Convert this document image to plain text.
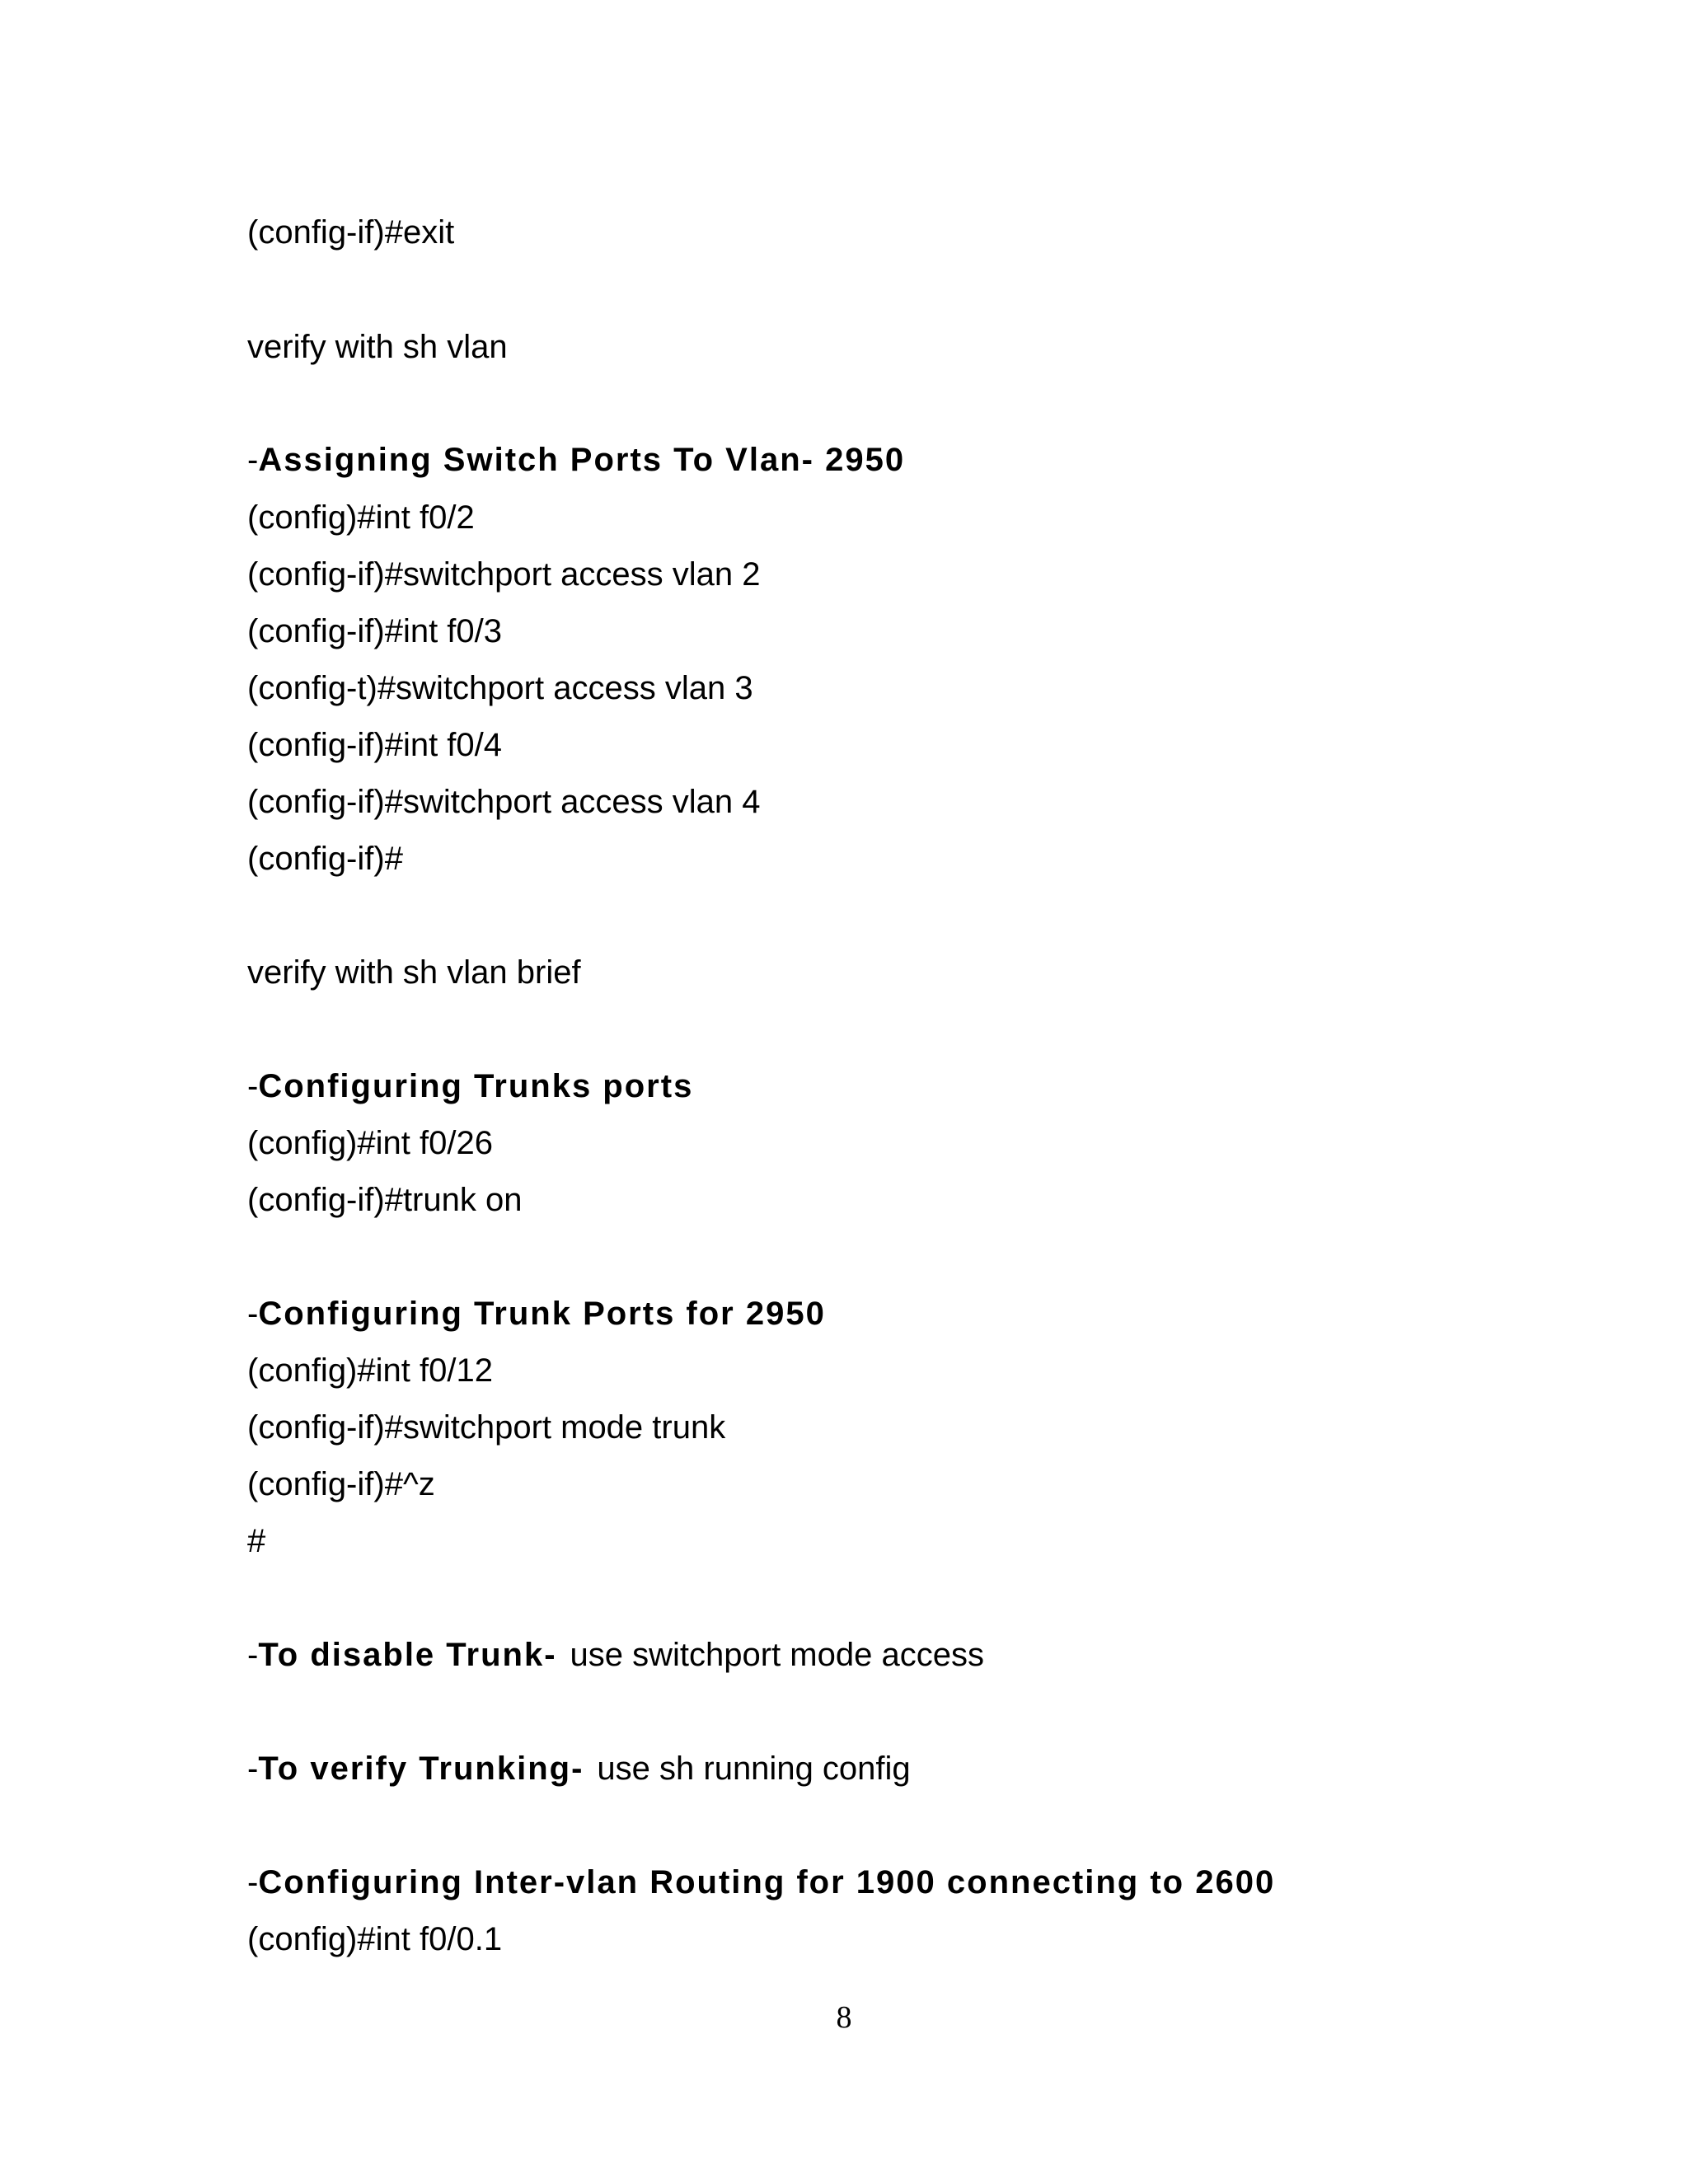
(config-if)#exit

verify with sh vlan

-Assigning Switch Ports To Vlan- 2950

(config)#int f0/2

(config-if)#switchport access vlan 2

(config-if)#int f0/3

(config-t)#switchport access vlan 3

(config-if)#int f0/4

(config-if)#switchport access vlan 4

(config-if)#

verify with sh vlan brief

-Configuring Trunks ports

(config)#int f0/26

(config-if)#trunk on

-Configuring Trunk Ports for 2950

(config)#int f0/12

(config-if)#switchport mode trunk

(config-if)#^z

#

-To disable Trunk- use switchport mode access

-To verify Trunking- use sh running config

-Configuring Inter-vlan Routing for 1900 connecting to 2600

(config)#int f0/0.1

8
